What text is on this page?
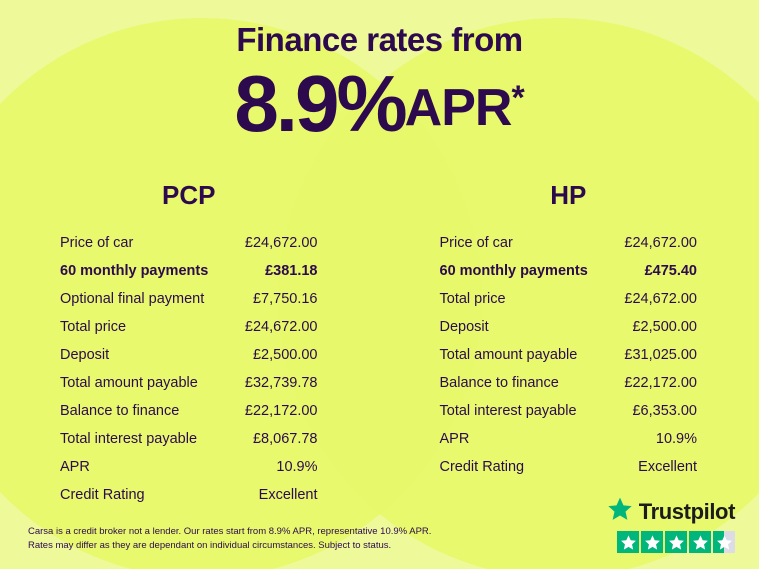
Finance rates from
8.9%APR*
PCP
Price of car	£24,672.00
60 monthly payments	£381.18
Optional final payment	£7,750.16
Total price	£24,672.00
Deposit	£2,500.00
Total amount payable	£32,739.78
Balance to finance	£22,172.00
Total interest payable	£8,067.78
APR	10.9%
Credit Rating	Excellent
HP
Price of car	£24,672.00
60 monthly payments	£475.40
Total price	£24,672.00
Deposit	£2,500.00
Total amount payable	£31,025.00
Balance to finance	£22,172.00
Total interest payable	£6,353.00
APR	10.9%
Credit Rating	Excellent
Carsa is a credit broker not a lender. Our rates start from 8.9% APR, representative 10.9% APR. Rates may differ as they are dependant on individual circumstances. Subject to status.
Trustpilot
